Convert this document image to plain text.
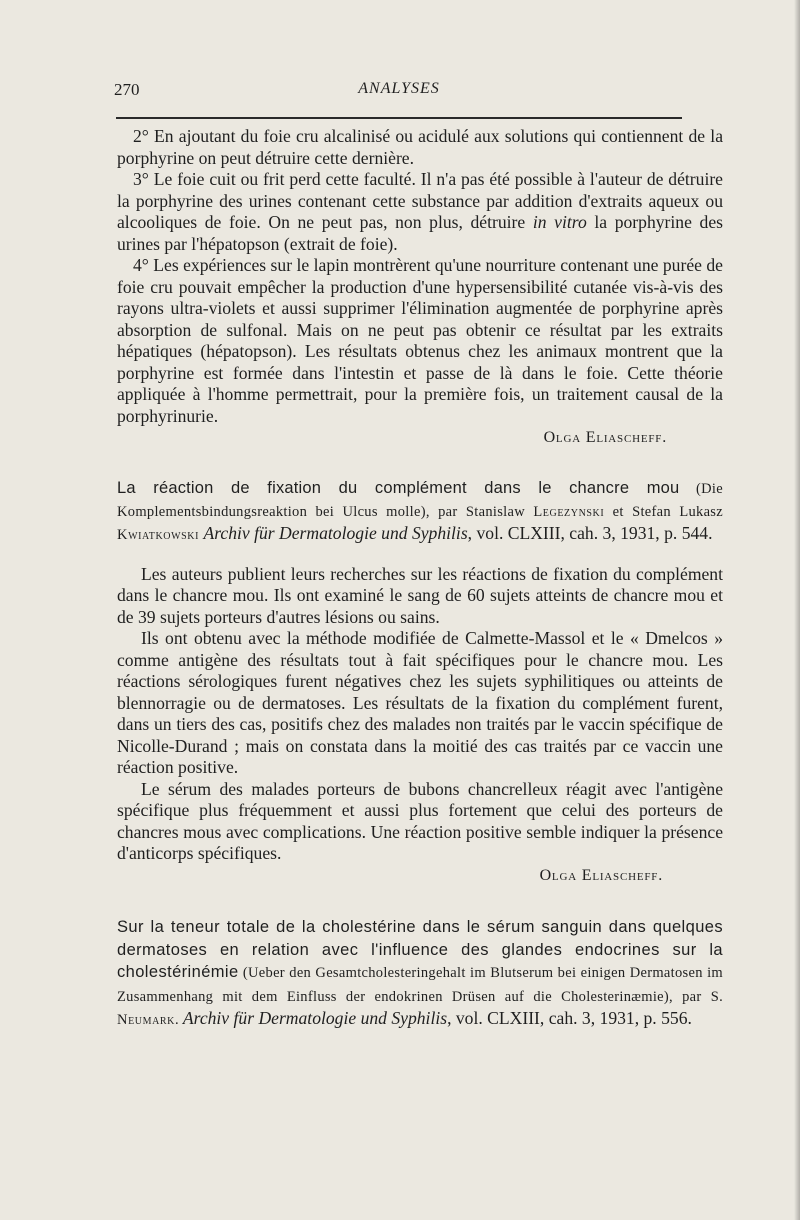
270	ANALYSES

2° En ajoutant du foie cru alcalinisé ou acidulé aux solutions qui contiennent de la porphyrine on peut détruire cette dernière.

3° Le foie cuit ou frit perd cette faculté. Il n'a pas été possible à l'auteur de détruire la porphyrine des urines contenant cette substance par addition d'extraits aqueux ou alcooliques de foie. On ne peut pas, non plus, détruire in vitro la porphyrine des urines par l'hépatopson (extrait de foie).

4° Les expériences sur le lapin montrèrent qu'une nourriture contenant une purée de foie cru pouvait empêcher la production d'une hypersensibilité cutanée vis-à-vis des rayons ultra-violets et aussi supprimer l'élimination augmentée de porphyrine après absorption de sulfonal. Mais on ne peut pas obtenir ce résultat par les extraits hépatiques (hépatopson). Les résultats obtenus chez les animaux montrent que la porphyrine est formée dans l'intestin et passe de là dans le foie. Cette théorie appliquée à l'homme permettrait, pour la première fois, un traitement causal de la porphyrinurie.

Olga Eliascheff.

La réaction de fixation du complément dans le chancre mou (Die Komplementsbindungsreaktion bei Ulcus molle), par Stanislaw Legezynski et Stefan Lukasz Kwiatkowski Archiv für Dermatologie und Syphilis, vol. CLXIII, cah. 3, 1931, p. 544.

Les auteurs publient leurs recherches sur les réactions de fixation du complément dans le chancre mou. Ils ont examiné le sang de 60 sujets atteints de chancre mou et de 39 sujets porteurs d'autres lésions ou sains.

Ils ont obtenu avec la méthode modifiée de Calmette-Massol et le « Dmelcos » comme antigène des résultats tout à fait spécifiques pour le chancre mou. Les réactions sérologiques furent négatives chez les sujets syphilitiques ou atteints de blennorragie ou de dermatoses. Les résultats de la fixation du complément furent, dans un tiers des cas, positifs chez des malades non traités par le vaccin spécifique de Nicolle-Durand ; mais on constata dans la moitié des cas traités par ce vaccin une réaction positive.

Le sérum des malades porteurs de bubons chancrelleux réagit avec l'antigène spécifique plus fréquemment et aussi plus fortement que celui des porteurs de chancres mous avec complications. Une réaction positive semble indiquer la présence d'anticorps spécifiques.

Olga Eliascheff.

Sur la teneur totale de la cholestérine dans le sérum sanguin dans quelques dermatoses en relation avec l'influence des glandes endocrines sur la cholestérinémie (Ueber den Gesamtcholesteringehalt im Blutserum bei einigen Dermatosen im Zusammenhang mit dem Einfluss der endokrinen Drüsen auf die Cholesterinæmie), par S. Neumark. Archiv für Dermatologie und Syphilis, vol. CLXIII, cah. 3, 1931, p. 556.
